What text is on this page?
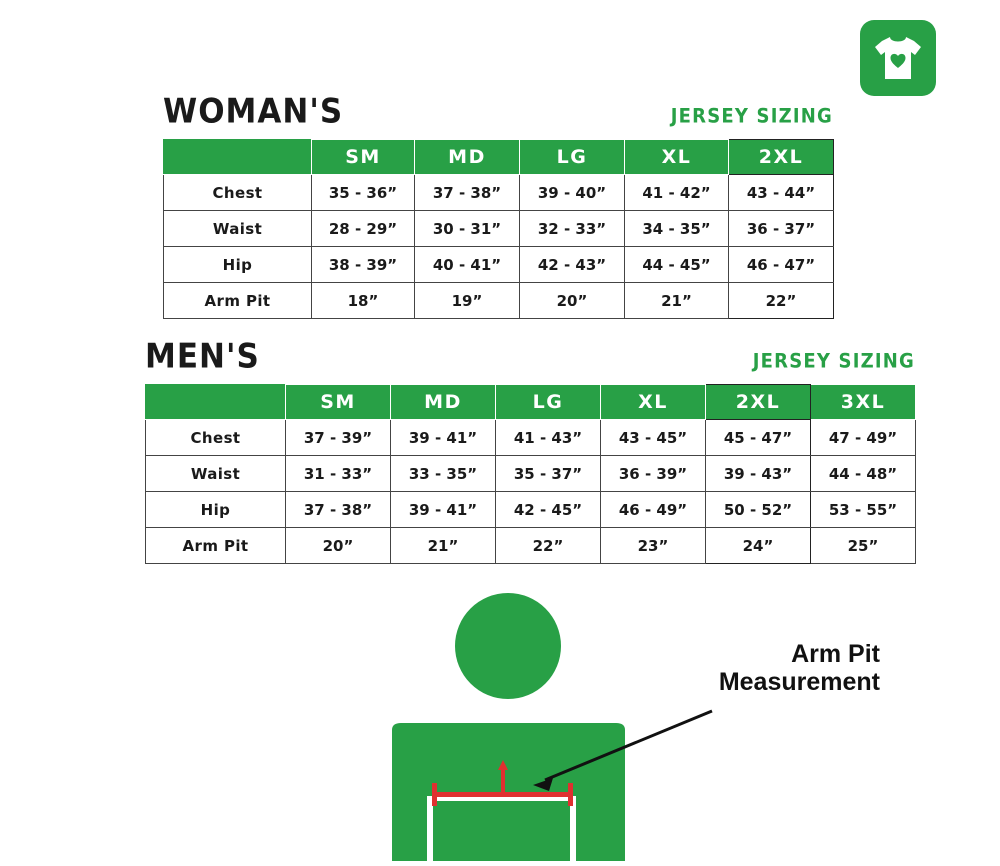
WOMAN'S	JERSEY SIZING
	SM	MD	LG	XL	2XL
Chest	35 - 36”	37 - 38”	39 - 40”	41 - 42”	43 - 44”
Waist	28 - 29”	30 - 31”	32 - 33”	34 - 35”	36 - 37”
Hip	38 - 39”	40 - 41”	42 - 43”	44 - 45”	46 - 47”
Arm Pit	18”	19”	20”	21”	22”
MEN'S	JERSEY SIZING
	SM	MD	LG	XL	2XL	3XL
Chest	37 - 39”	39 - 41”	41 - 43”	43 - 45”	45 - 47”	47 - 49”
Waist	31 - 33”	33 - 35”	35 - 37”	36 - 39”	39 - 43”	44 - 48”
Hip	37 - 38”	39 - 41”	42 - 45”	46 - 49”	50 - 52”	53 - 55”
Arm Pit	20”	21”	22”	23”	24”	25”
Arm Pit
Measurement
